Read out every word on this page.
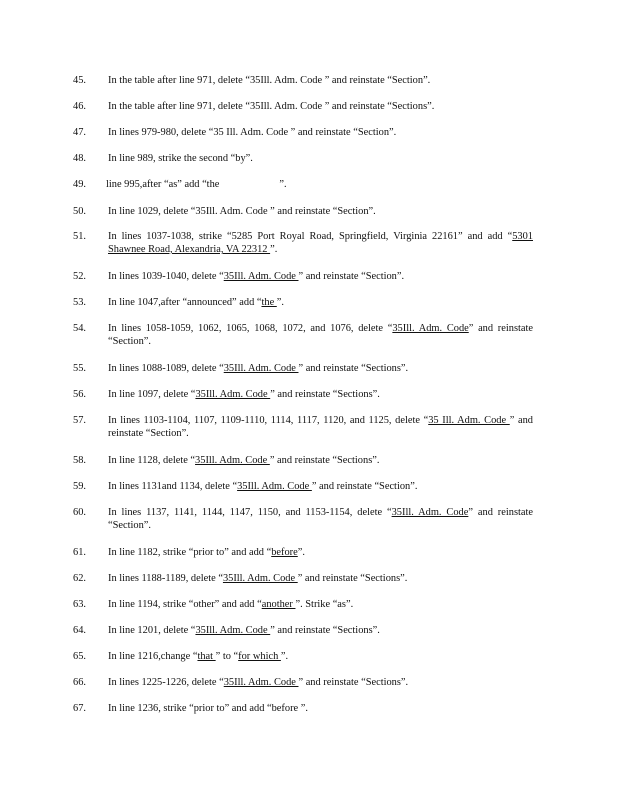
45.	In the table after line 971, delete “35Ill. Adm. Code ” and reinstate “Section”.
46.	In the table after line 971, delete “35Ill. Adm. Code ” and reinstate “Sections”.
47.	In lines 979-980, delete “35 Ill. Adm. Code ” and reinstate “Section”.
48.	In line 989, strike the second “by”.
49.	line 995,after “as” add “the	”.
50.	In line 1029, delete “35Ill. Adm. Code ” and reinstate “Section”.
51.	In lines 1037-1038, strike “5285 Port Royal Road, Springfield, Virginia 22161” and add “5301 Shawnee Road, Alexandria, VA 22312 ”.
52.	In lines 1039-1040, delete “35Ill. Adm. Code ” and reinstate “Section”.
53.	In line 1047,after “announced” add “the ”.
54.	In lines 1058-1059, 1062, 1065, 1068, 1072, and 1076, delete “35Ill. Adm. Code” and reinstate “Section”.
55.	In lines 1088-1089, delete “35Ill. Adm. Code ” and reinstate “Sections”.
56.	In line 1097, delete “35Ill. Adm. Code ” and reinstate “Sections”.
57.	In lines 1103-1104, 1107, 1109-1110, 1114, 1117, 1120, and 1125, delete “35 Ill. Adm. Code ” and reinstate “Section”.
58.	In line 1128, delete “35Ill. Adm. Code ” and reinstate “Sections”.
59.	In lines 1131and 1134, delete “35Ill. Adm. Code ” and reinstate “Section”.
60.	In lines 1137, 1141, 1144, 1147, 1150, and 1153-1154, delete “35Ill. Adm. Code” and reinstate “Section”.
61.	In line 1182, strike “prior to” and add “before”.
62.	In lines 1188-1189, delete “35Ill. Adm. Code ” and reinstate “Sections”.
63.	In line 1194, strike “other” and add “another ”. Strike “as”.
64.	In line 1201, delete “35Ill. Adm. Code ” and reinstate “Sections”.
65.	In line 1216,change “that ” to “for which ”.
66.	In lines 1225-1226, delete “35Ill. Adm. Code ” and reinstate “Sections”.
67.	In line 1236, strike “prior to” and add “before ”.
